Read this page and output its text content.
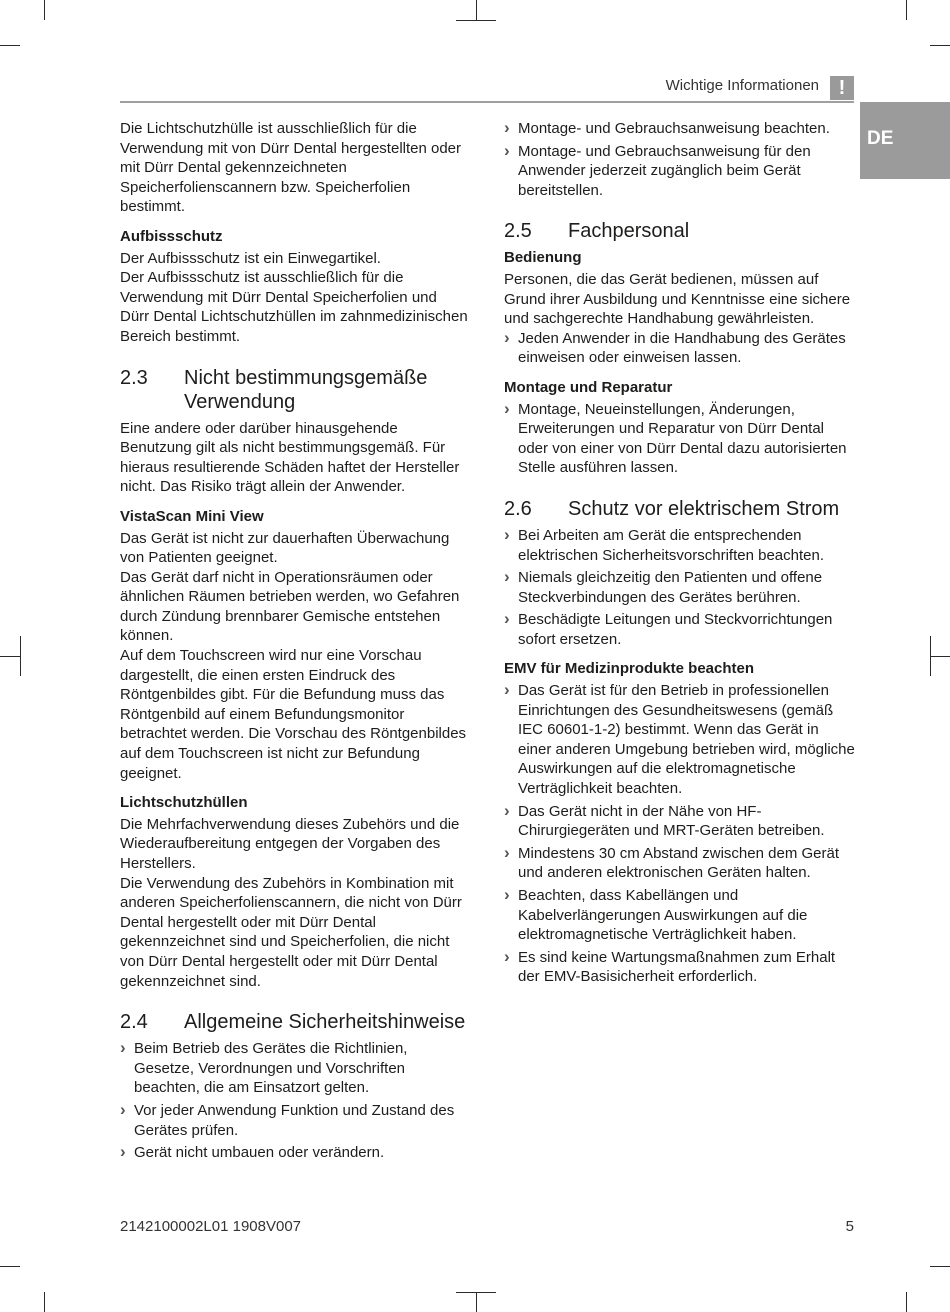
Wichtige Informationen !
DE

Die Lichtschutzhülle ist ausschließlich für die Verwendung mit von Dürr Dental hergestellten oder mit Dürr Dental gekennzeichneten Speicherfolienscannern bzw. Speicherfolien bestimmt.

Aufbissschutz

Der Aufbissschutz ist ein Einwegartikel.

Der Aufbissschutz ist ausschließlich für die Verwendung mit Dürr Dental Speicherfolien und Dürr Dental Lichtschutzhüllen im zahnmedizinischen Bereich bestimmt.

2.3	Nicht bestimmungsgemäße Verwendung

Eine andere oder darüber hinausgehende Benutzung gilt als nicht bestimmungsgemäß. Für hieraus resultierende Schäden haftet der Hersteller nicht. Das Risiko trägt allein der Anwender.

VistaScan Mini View

Das Gerät ist nicht zur dauerhaften Überwachung von Patienten geeignet.

Das Gerät darf nicht in Operationsräumen oder ähnlichen Räumen betrieben werden, wo Gefahren durch Zündung brennbarer Gemische entstehen können.

Auf dem Touchscreen wird nur eine Vorschau dargestellt, die einen ersten Eindruck des Röntgenbildes gibt. Für die Befundung muss das Röntgenbild auf einem Befundungsmonitor betrachtet werden. Die Vorschau des Röntgenbildes auf dem Touchscreen ist nicht zur Befundung geeignet.

Lichtschutzhüllen

Die Mehrfachverwendung dieses Zubehörs und die Wiederaufbereitung entgegen der Vorgaben des Herstellers.

Die Verwendung des Zubehörs in Kombination mit anderen Speicherfolienscannern, die nicht von Dürr Dental hergestellt oder mit Dürr Dental gekennzeichnet sind und Speicherfolien, die nicht von Dürr Dental hergestellt oder mit Dürr Dental gekennzeichnet sind.

2.4	Allgemeine Sicherheitshinweise
› Beim Betrieb des Gerätes die Richtlinien, Gesetze, Verordnungen und Vorschriften beachten, die am Einsatzort gelten.
› Vor jeder Anwendung Funktion und Zustand des Gerätes prüfen.
› Gerät nicht umbauen oder verändern.
› Montage- und Gebrauchsanweisung beachten.
› Montage- und Gebrauchsanweisung für den Anwender jederzeit zugänglich beim Gerät bereitstellen.
2.5	Fachpersonal

Bedienung

Personen, die das Gerät bedienen, müssen auf Grund ihrer Ausbildung und Kenntnisse eine sichere und sachgerechte Handhabung gewährleisten.

› Jeden Anwender in die Handhabung des Gerätes einweisen oder einweisen lassen.

Montage und Reparatur

› Montage, Neueinstellungen, Änderungen, Erweiterungen und Reparatur von Dürr Dental oder von einer von Dürr Dental dazu autorisierten Stelle ausführen lassen.
2.6	Schutz vor elektrischem Strom
› Bei Arbeiten am Gerät die entsprechenden elektrischen Sicherheitsvorschriften beachten.
› Niemals gleichzeitig den Patienten und offene Steckverbindungen des Gerätes berühren.
› Beschädigte Leitungen und Steckvorrichtungen sofort ersetzen.

EMV für Medizinprodukte beachten

› Das Gerät ist für den Betrieb in professionellen Einrichtungen des Gesundheitswesens (gemäß IEC 60601-1-2) bestimmt. Wenn das Gerät in einer anderen Umgebung betrieben wird, mögliche Auswirkungen auf die elektromagnetische Verträglichkeit beachten.
› Das Gerät nicht in der Nähe von HF-Chirurgiegeräten und MRT-Geräten betreiben.
› Mindestens 30 cm Abstand zwischen dem Gerät und anderen elektronischen Geräten halten.
› Beachten, dass Kabellängen und Kabelverlängerungen Auswirkungen auf die elektromagnetische Verträglichkeit haben.
› Es sind keine Wartungsmaßnahmen zum Erhalt der EMV-Basisicherheit erforderlich.
2142100002L01 1908V007	5
